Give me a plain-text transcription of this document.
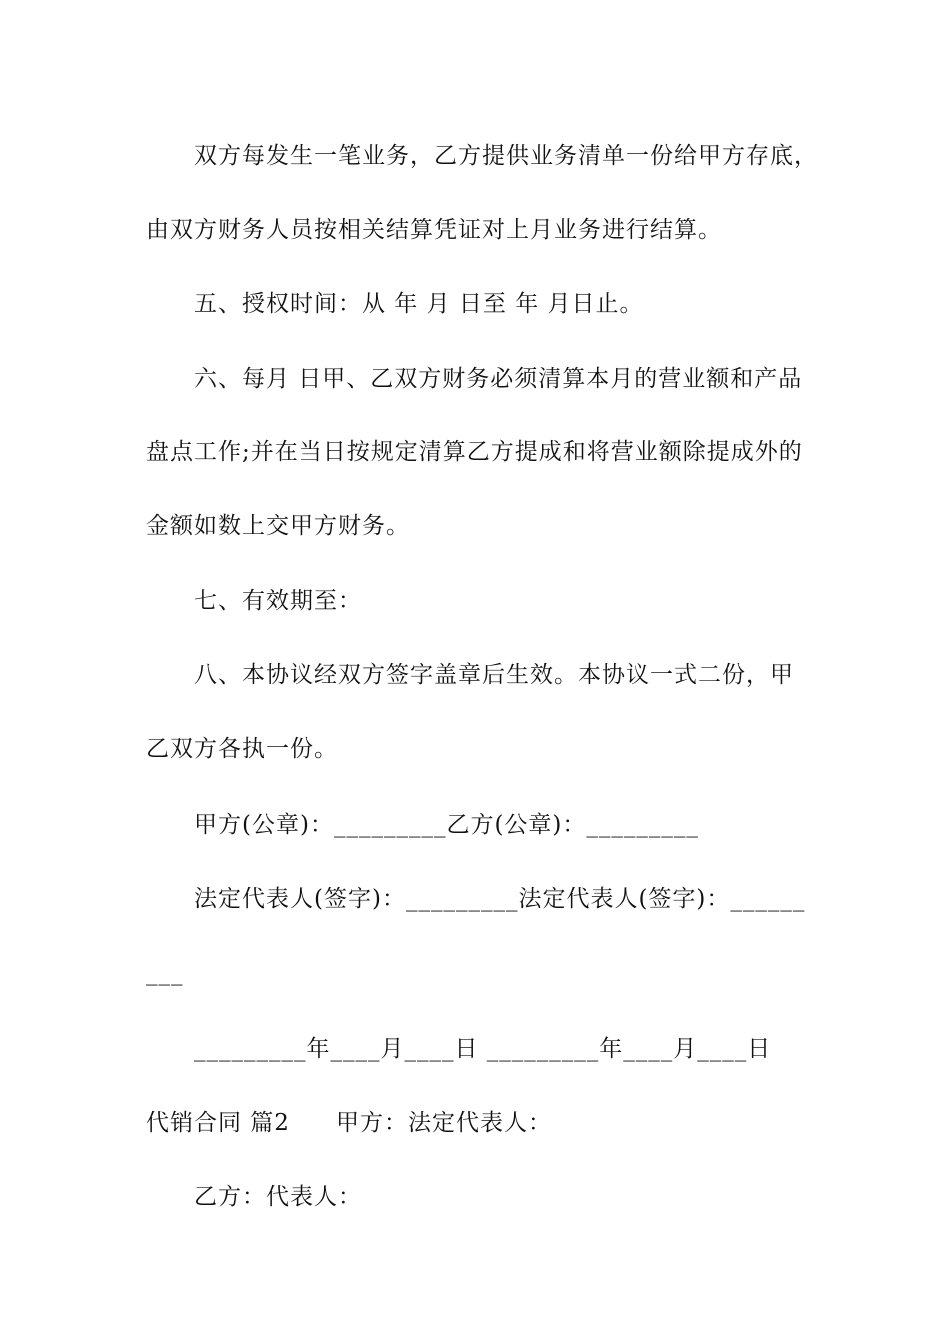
双方每发生一笔业务，乙方提供业务清单一份给甲方存底，
由双方财务人员按相关结算凭证对上月业务进行结算。
五、授权时间：从 年 月 日至 年 月日止。
六、每月 日甲、乙双方财务必须清算本月的营业额和产品
盘点工作;并在当日按规定清算乙方提成和将营业额除提成外的
金额如数上交甲方财务。
七、有效期至：
八、本协议经双方签字盖章后生效。本协议一式二份，甲
乙双方各执一份。
甲方(公章)：_________乙方(公章)：_________
法定代表人(签字)：_________法定代表人(签字)：______
___
_________年____月____日 _________年____月____日
代销合同 篇2 甲方：法定代表人：
乙方：代表人：
